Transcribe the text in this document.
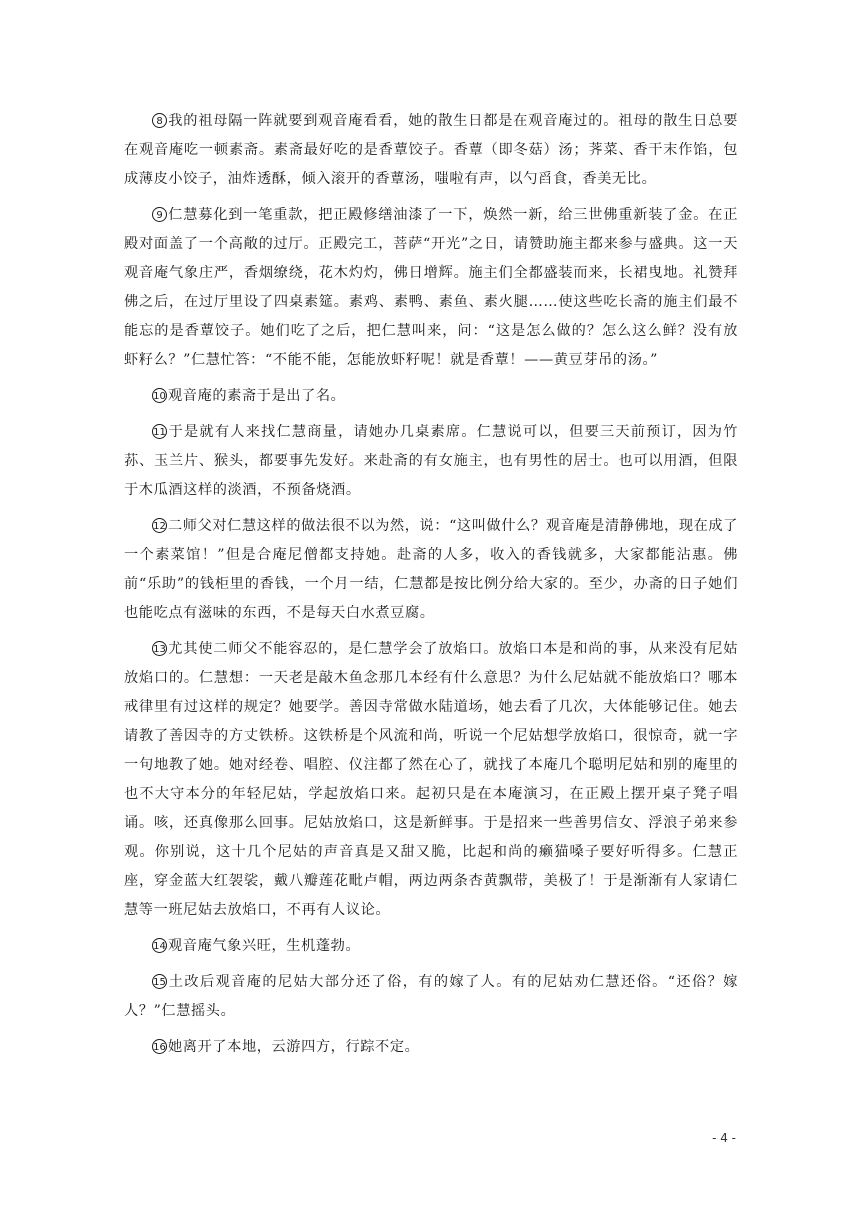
8 我的祖母隔一阵就要到观音庵看看，她的散生日都是在观音庵过的。祖母的散生日总要在观音庵吃一顿素斋。素斋最好吃的是香蕈饺子。香蕈（即冬菇）汤；荠菜、香干末作馅，包成薄皮小饺子，油炸透酥，倾入滚开的香蕈汤，嗤啦有声，以勺舀食，香美无比。

9 仁慧募化到一笔重款，把正殿修缮油漆了一下，焕然一新，给三世佛重新装了金。在正殿对面盖了一个高敞的过厅。正殿完工，菩萨“开光”之日，请赞助施主都来参与盛典。这一天观音庵气象庄严，香烟缭绕，花木灼灼，佛日增辉。施主们全都盛装而来，长裙曳地。礼赞拜佛之后，在过厅里设了四桌素筵。素鸡、素鸭、素鱼、素火腿……使这些吃长斋的施主们最不能忘的是香蕈饺子。她们吃了之后，把仁慧叫来，问：“这是怎么做的？怎么这么鲜？没有放虾籽么？”仁慧忙答：“不能不能，怎能放虾籽呢！就是香蕈！——黄豆芽吊的汤。”

10 观音庵的素斋于是出了名。

11 于是就有人来找仁慧商量，请她办几桌素席。仁慧说可以，但要三天前预订，因为竹荪、玉兰片、猴头，都要事先发好。来赴斋的有女施主，也有男性的居士。也可以用酒，但限于木瓜酒这样的淡酒，不预备烧酒。

12 二师父对仁慧这样的做法很不以为然，说：“这叫做什么？观音庵是清静佛地，现在成了一个素菜馆！”但是合庵尼僧都支持她。赴斋的人多，收入的香钱就多，大家都能沾惠。佛前“乐助”的钱柜里的香钱，一个月一结，仁慧都是按比例分给大家的。至少，办斋的日子她们也能吃点有滋味的东西，不是每天白水煮豆腐。

13 尤其使二师父不能容忍的，是仁慧学会了放焰口。放焰口本是和尚的事，从来没有尼姑放焰口的。仁慧想：一天老是敲木鱼念那几本经有什么意思？为什么尼姑就不能放焰口？哪本戒律里有过这样的规定？她要学。善因寺常做水陆道场，她去看了几次，大体能够记住。她去请教了善因寺的方丈铁桥。这铁桥是个风流和尚，听说一个尼姑想学放焰口，很惊奇，就一字一句地教了她。她对经卷、唱腔、仪注都了然在心了，就找了本庵几个聪明尼姑和别的庵里的也不大守本分的年轻尼姑，学起放焰口来。起初只是在本庵演习，在正殿上摆开桌子凳子唱诵。咳，还真像那么回事。尼姑放焰口，这是新鲜事。于是招来一些善男信女、浮浪子弟来参观。你别说，这十几个尼姑的声音真是又甜又脆，比起和尚的癞猫嗓子要好听得多。仁慧正座，穿金蓝大红袈裟，戴八瓣莲花毗卢帽，两边两条杏黄飘带，美极了！于是渐渐有人家请仁慧等一班尼姑去放焰口，不再有人议论。

14 观音庵气象兴旺，生机蓬勃。

15 土改后观音庵的尼姑大部分还了俗，有的嫁了人。有的尼姑劝仁慧还俗。“还俗？嫁人？”仁慧摇头。

16 她离开了本地，云游四方，行踪不定。

- 4 -
